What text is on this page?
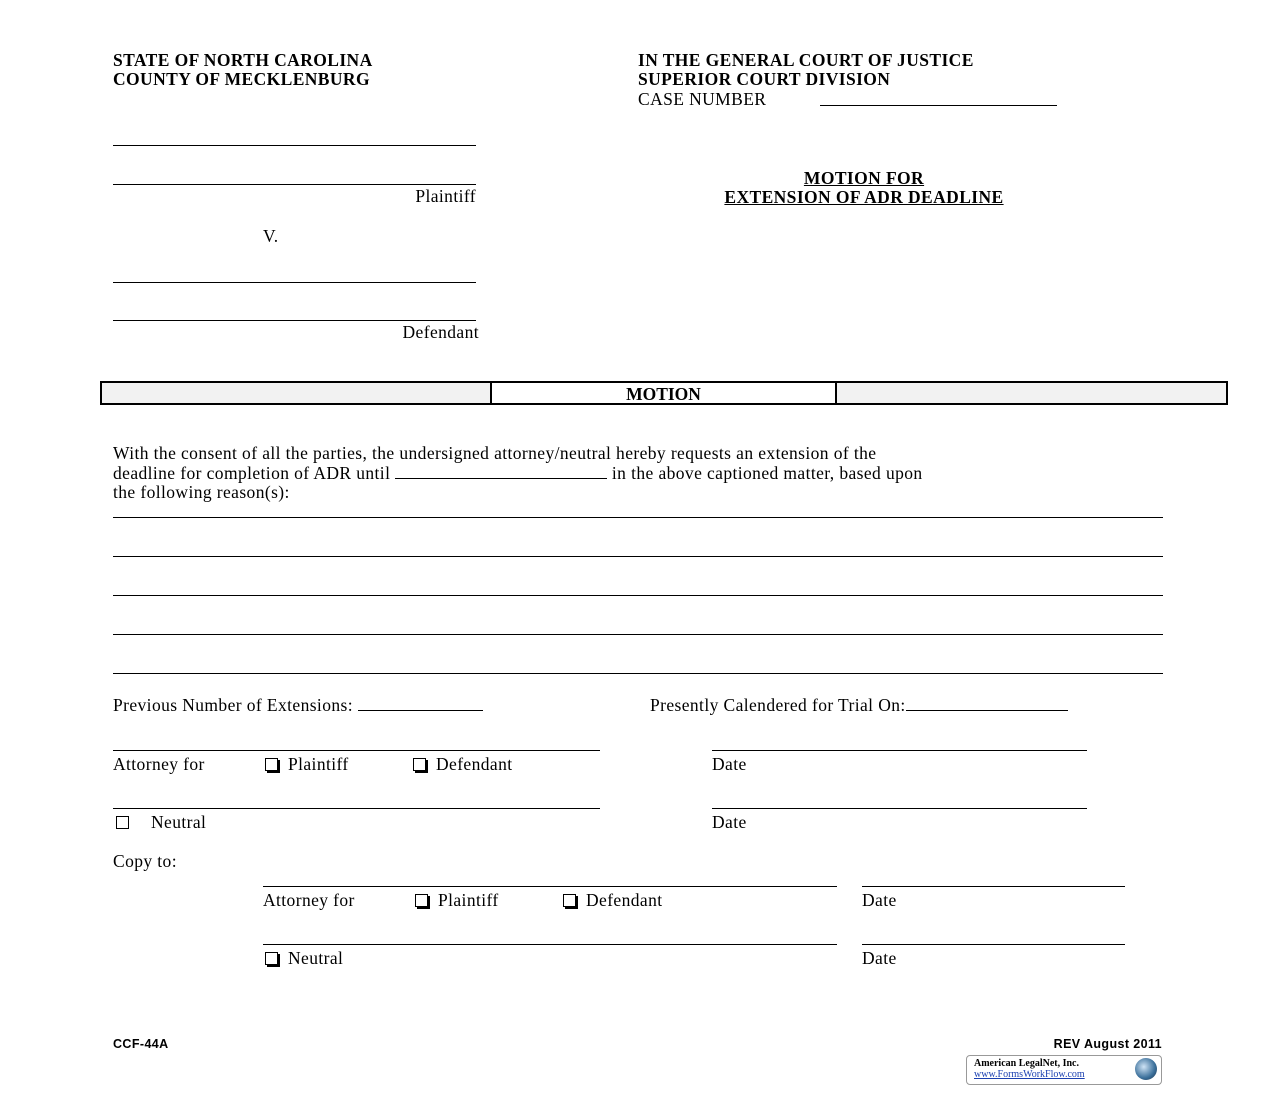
STATE OF NORTH CAROLINA
COUNTY OF MECKLENBURG
IN THE GENERAL COURT OF JUSTICE
SUPERIOR COURT DIVISION
CASE NUMBER
Plaintiff
V.
Defendant
MOTION FOR
EXTENSION OF ADR DEADLINE
MOTION
With the consent of all the parties, the undersigned attorney/neutral hereby requests an extension of the
deadline for completion of ADR until	in the above captioned matter, based upon
the following reason(s):
Previous Number of Extensions:	Presently Calendered for Trial On:
Attorney for	Plaintiff	Defendant	Date
Neutral	Date
Copy to:
Attorney for	Plaintiff	Defendant	Date
Neutral	Date
CCF-44A	REV August 2011
American LegalNet, Inc.
www.FormsWorkFlow.com
